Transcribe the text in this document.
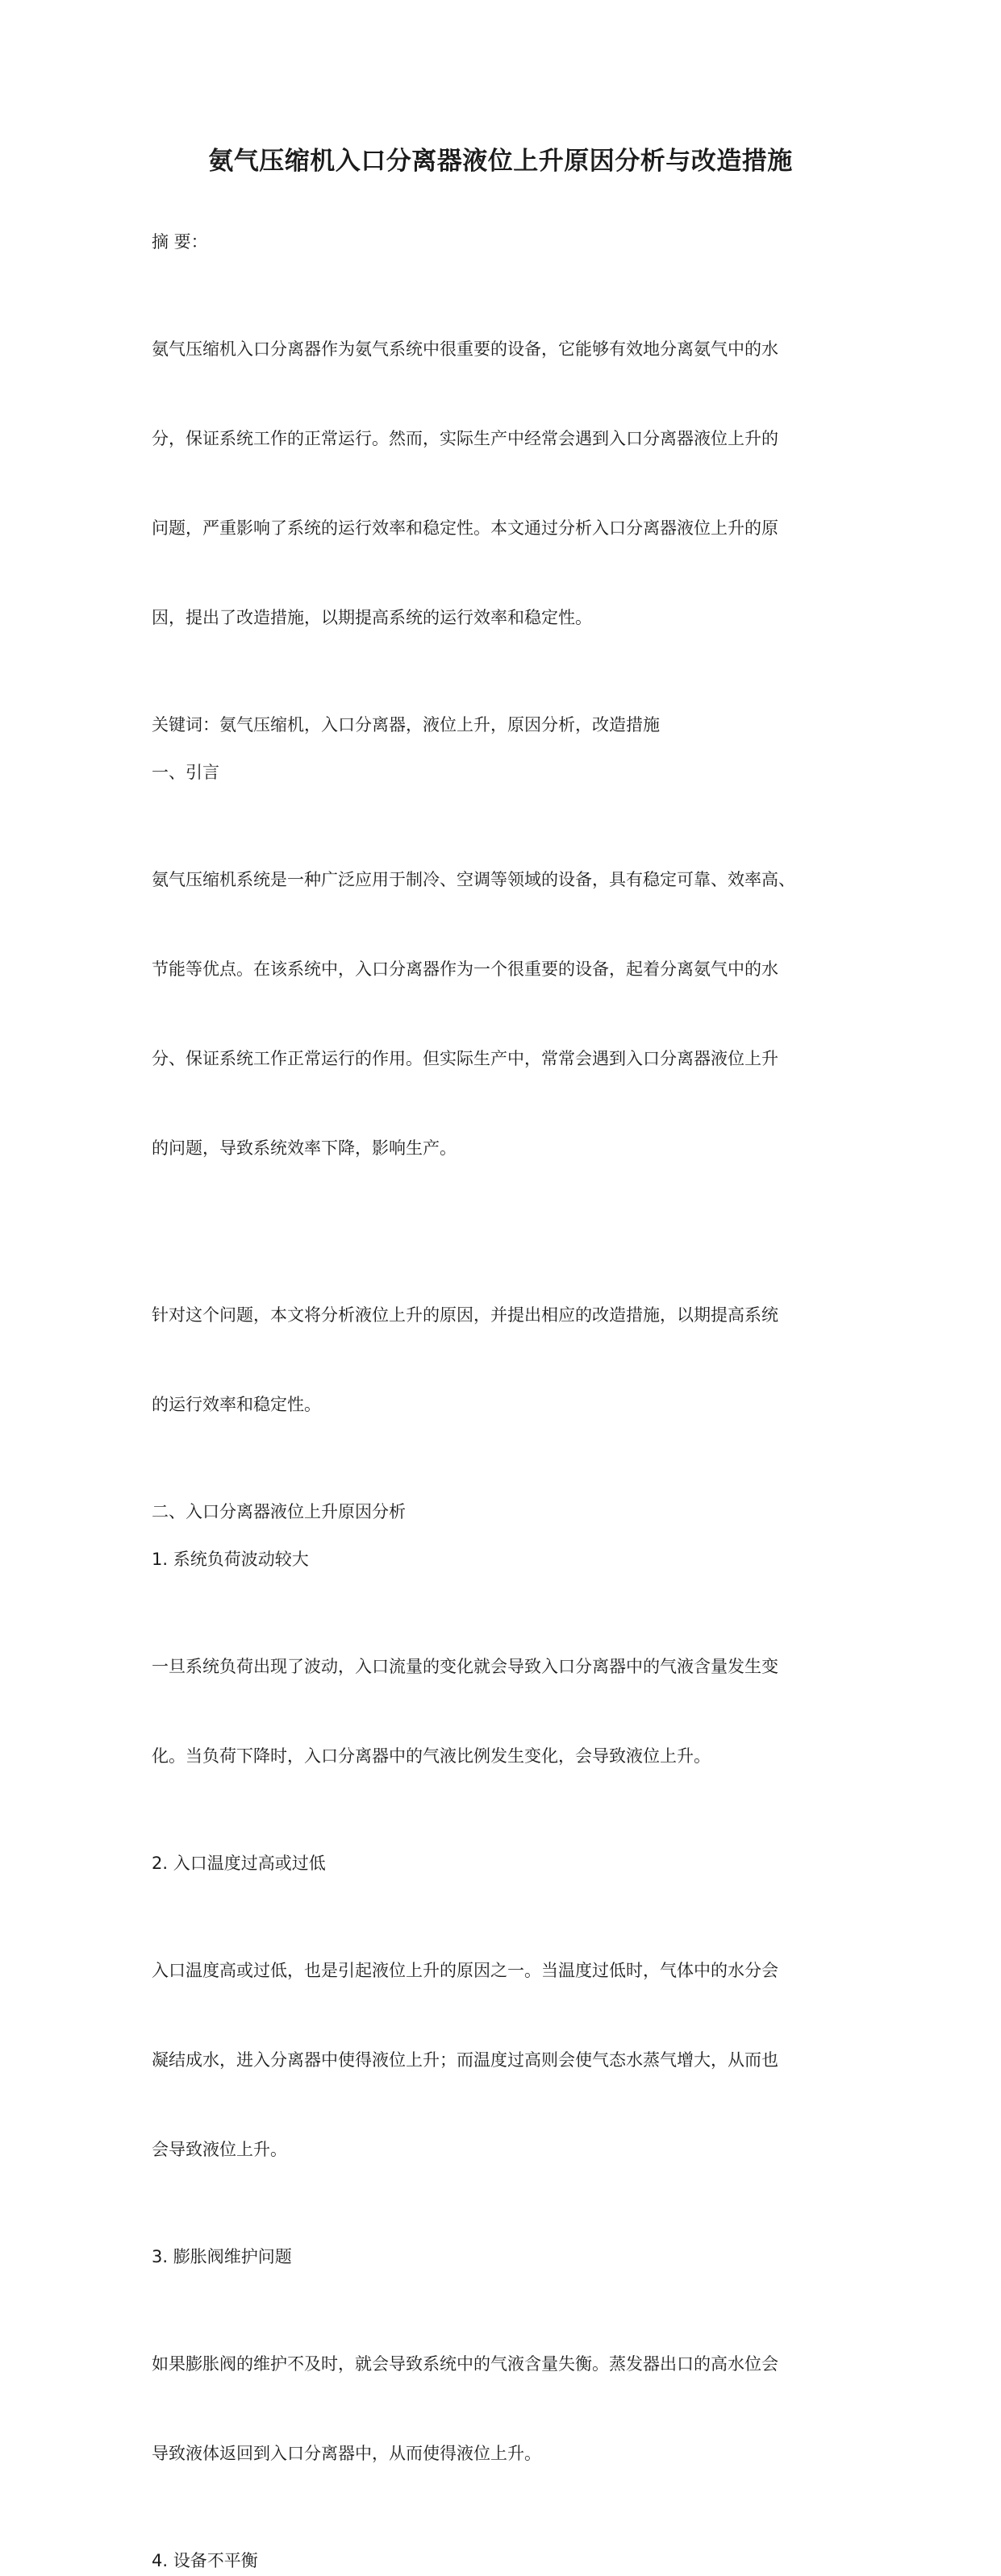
氨气压缩机入口分离器液位上升原因分析与改造措施

摘 要：

氨气压缩机入口分离器作为氨气系统中很重要的设备，它能够有效地分离氨气中的水

分，保证系统工作的正常运行。然而，实际生产中经常会遇到入口分离器液位上升的

问题，严重影响了系统的运行效率和稳定性。本文通过分析入口分离器液位上升的原

因，提出了改造措施，以期提高系统的运行效率和稳定性。

关键词：氨气压缩机，入口分离器，液位上升，原因分析，改造措施

一、引言

氨气压缩机系统是一种广泛应用于制冷、空调等领域的设备，具有稳定可靠、效率高、

节能等优点。在该系统中，入口分离器作为一个很重要的设备，起着分离氨气中的水

分、保证系统工作正常运行的作用。但实际生产中，常常会遇到入口分离器液位上升

的问题，导致系统效率下降，影响生产。

针对这个问题，本文将分析液位上升的原因，并提出相应的改造措施，以期提高系统

的运行效率和稳定性。

二、入口分离器液位上升原因分析

1. 系统负荷波动较大

一旦系统负荷出现了波动，入口流量的变化就会导致入口分离器中的气液含量发生变

化。当负荷下降时，入口分离器中的气液比例发生变化，会导致液位上升。

2. 入口温度过高或过低

入口温度高或过低，也是引起液位上升的原因之一。当温度过低时，气体中的水分会

凝结成水，进入分离器中使得液位上升；而温度过高则会使气态水蒸气增大，从而也

会导致液位上升。

3. 膨胀阀维护问题

如果膨胀阀的维护不及时，就会导致系统中的气液含量失衡。蒸发器出口的高水位会

导致液体返回到入口分离器中，从而使得液位上升。

4. 设备不平衡
